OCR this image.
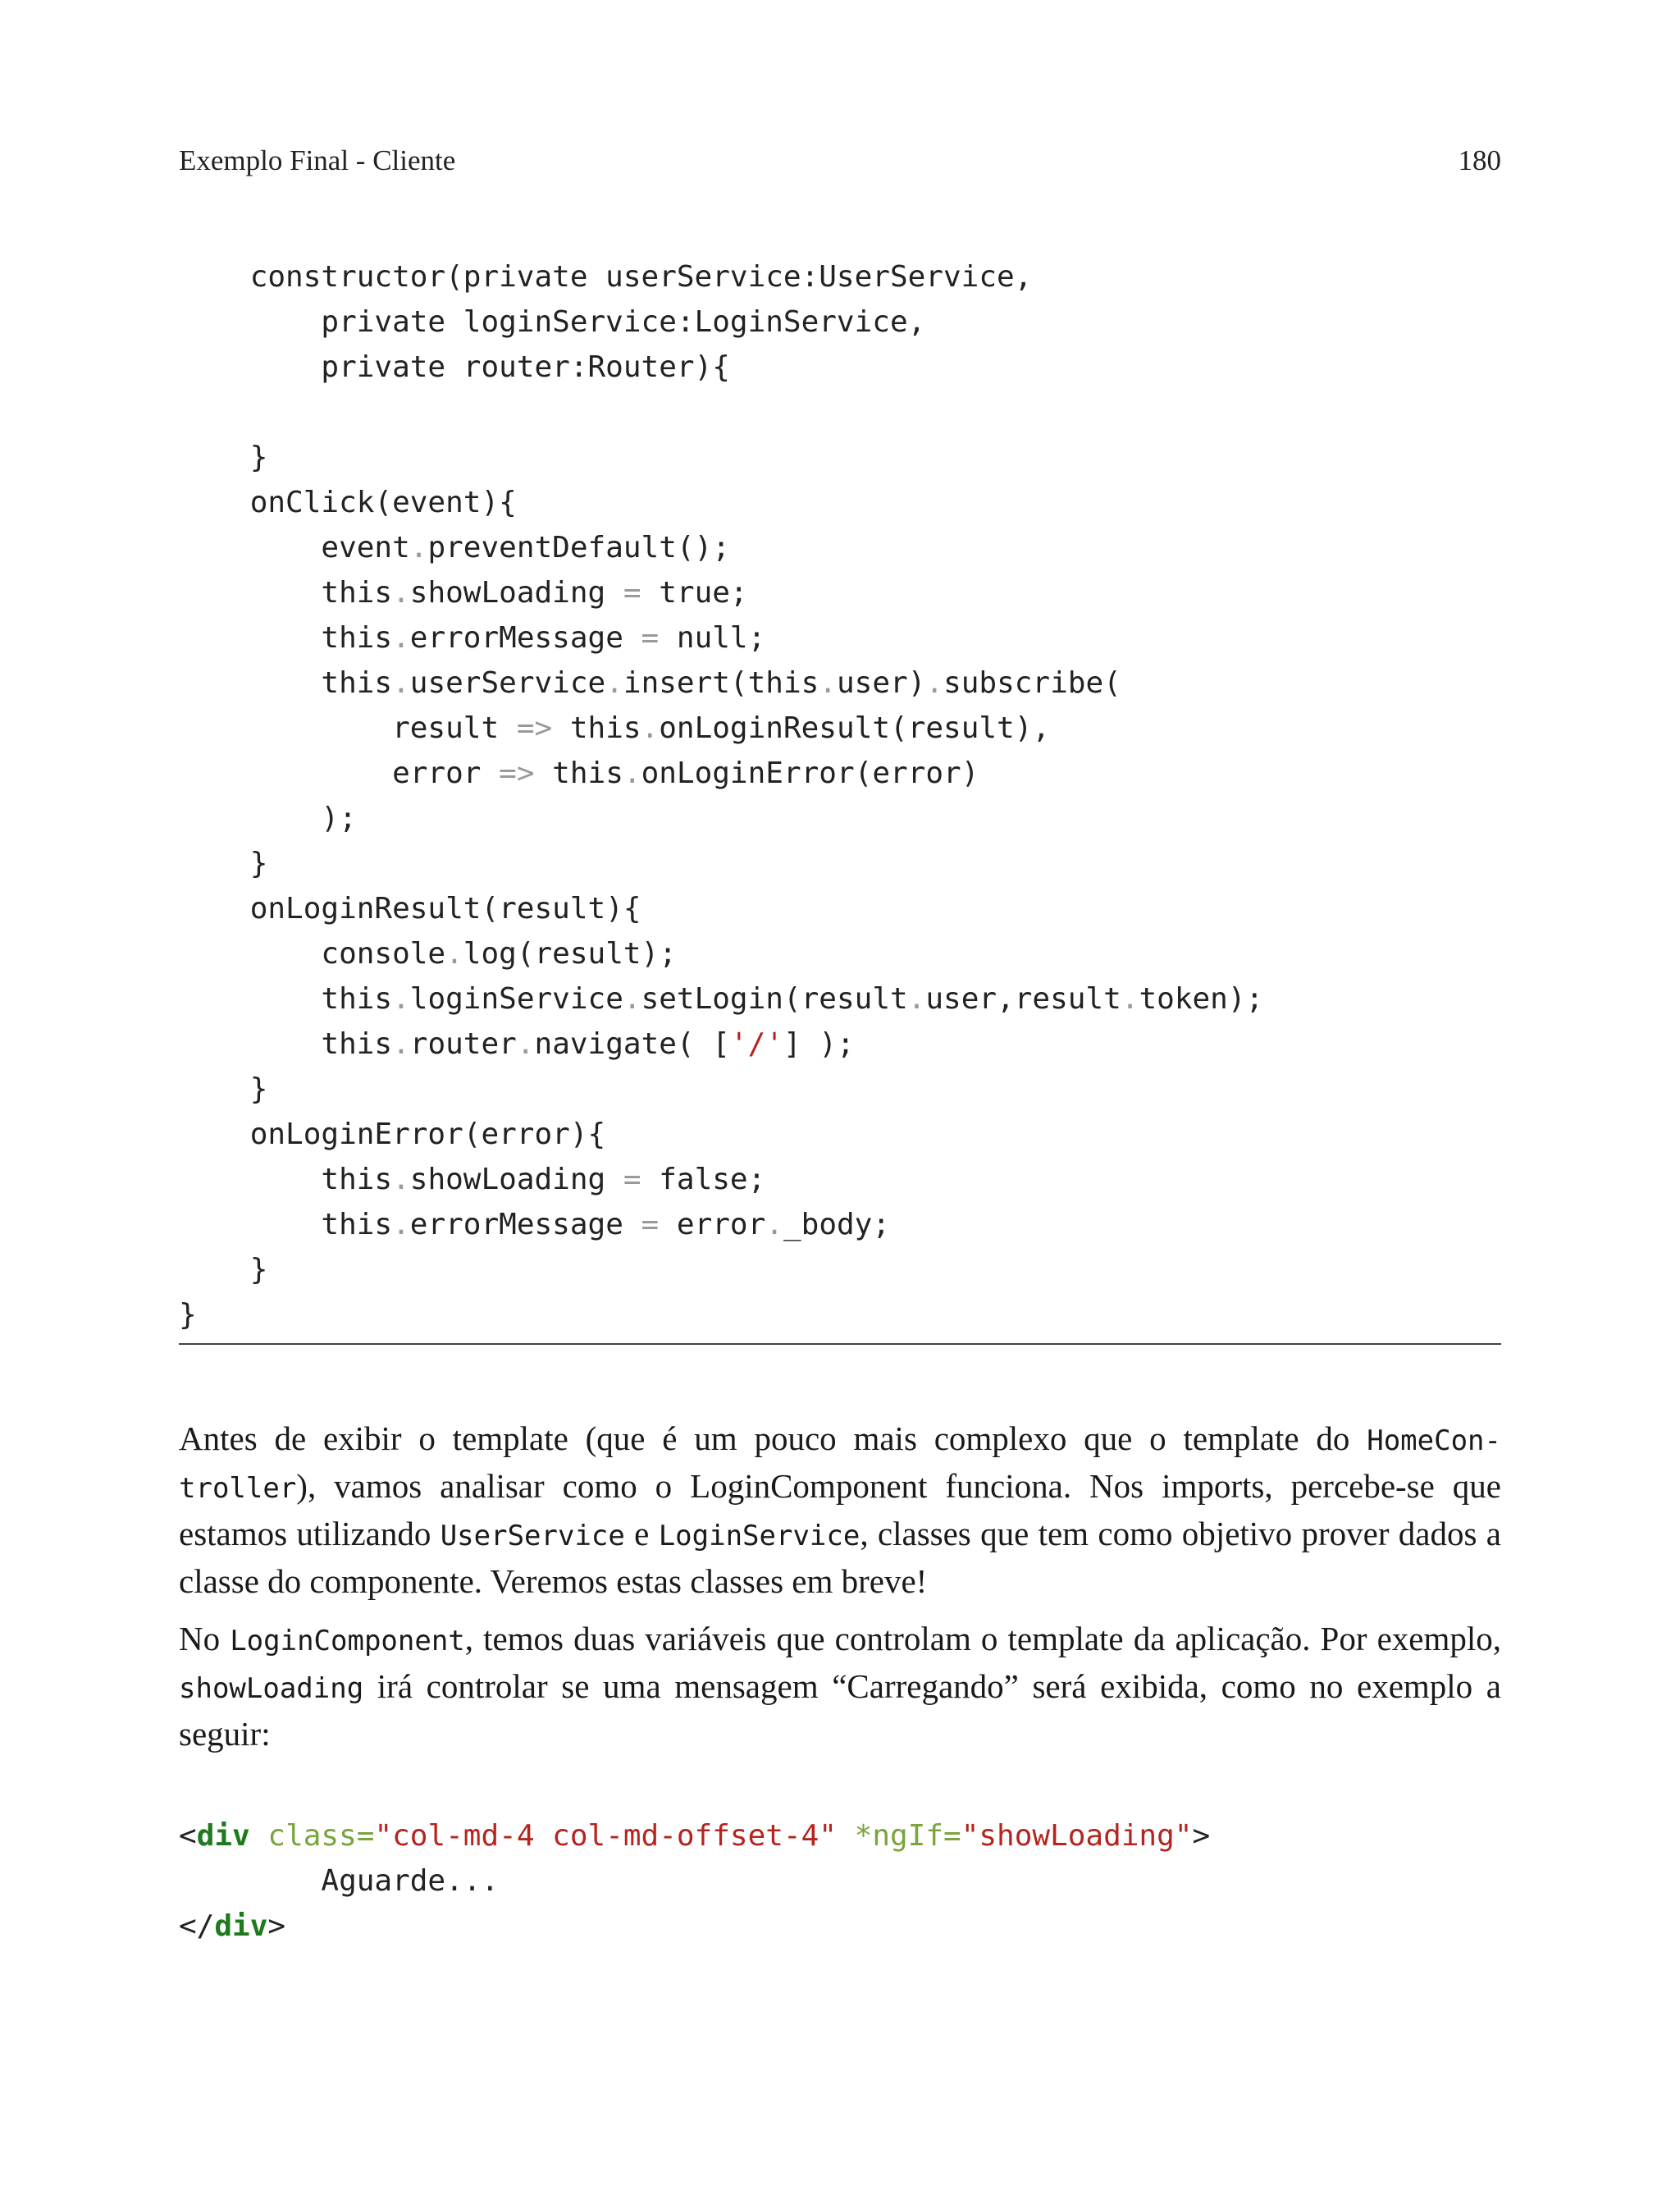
Exemplo Final - Cliente	180
constructor(private userService:UserService,
private loginService:LoginService,
private router:Router){
}
onClick(event){
event.preventDefault();
this.showLoading = true;
this.errorMessage = null;
this.userService.insert(this.user).subscribe(
result => this.onLoginResult(result),
error => this.onLoginError(error)
);
}
onLoginResult(result){
console.log(result);
this.loginService.setLogin(result.user,result.token);
this.router.navigate( ['/'] );
}
onLoginError(error){
this.showLoading = false;
this.errorMessage = error._body;
}
}

Antes de exibir o template (que é um pouco mais complexo que o template do HomeCon-troller), vamos analisar como o LoginComponent funciona. Nos imports, percebe-se que estamos utilizando UserService e LoginService, classes que tem como objetivo prover dados a classe do componente. Veremos estas classes em breve!

No LoginComponent, temos duas variáveis que controlam o template da aplicação. Por exemplo, showLoading irá controlar se uma mensagem “Carregando” será exibida, como no exemplo a seguir:

<div class="col-md-4 col-md-offset-4" *ngIf="showLoading">
Aguarde...
</div>
